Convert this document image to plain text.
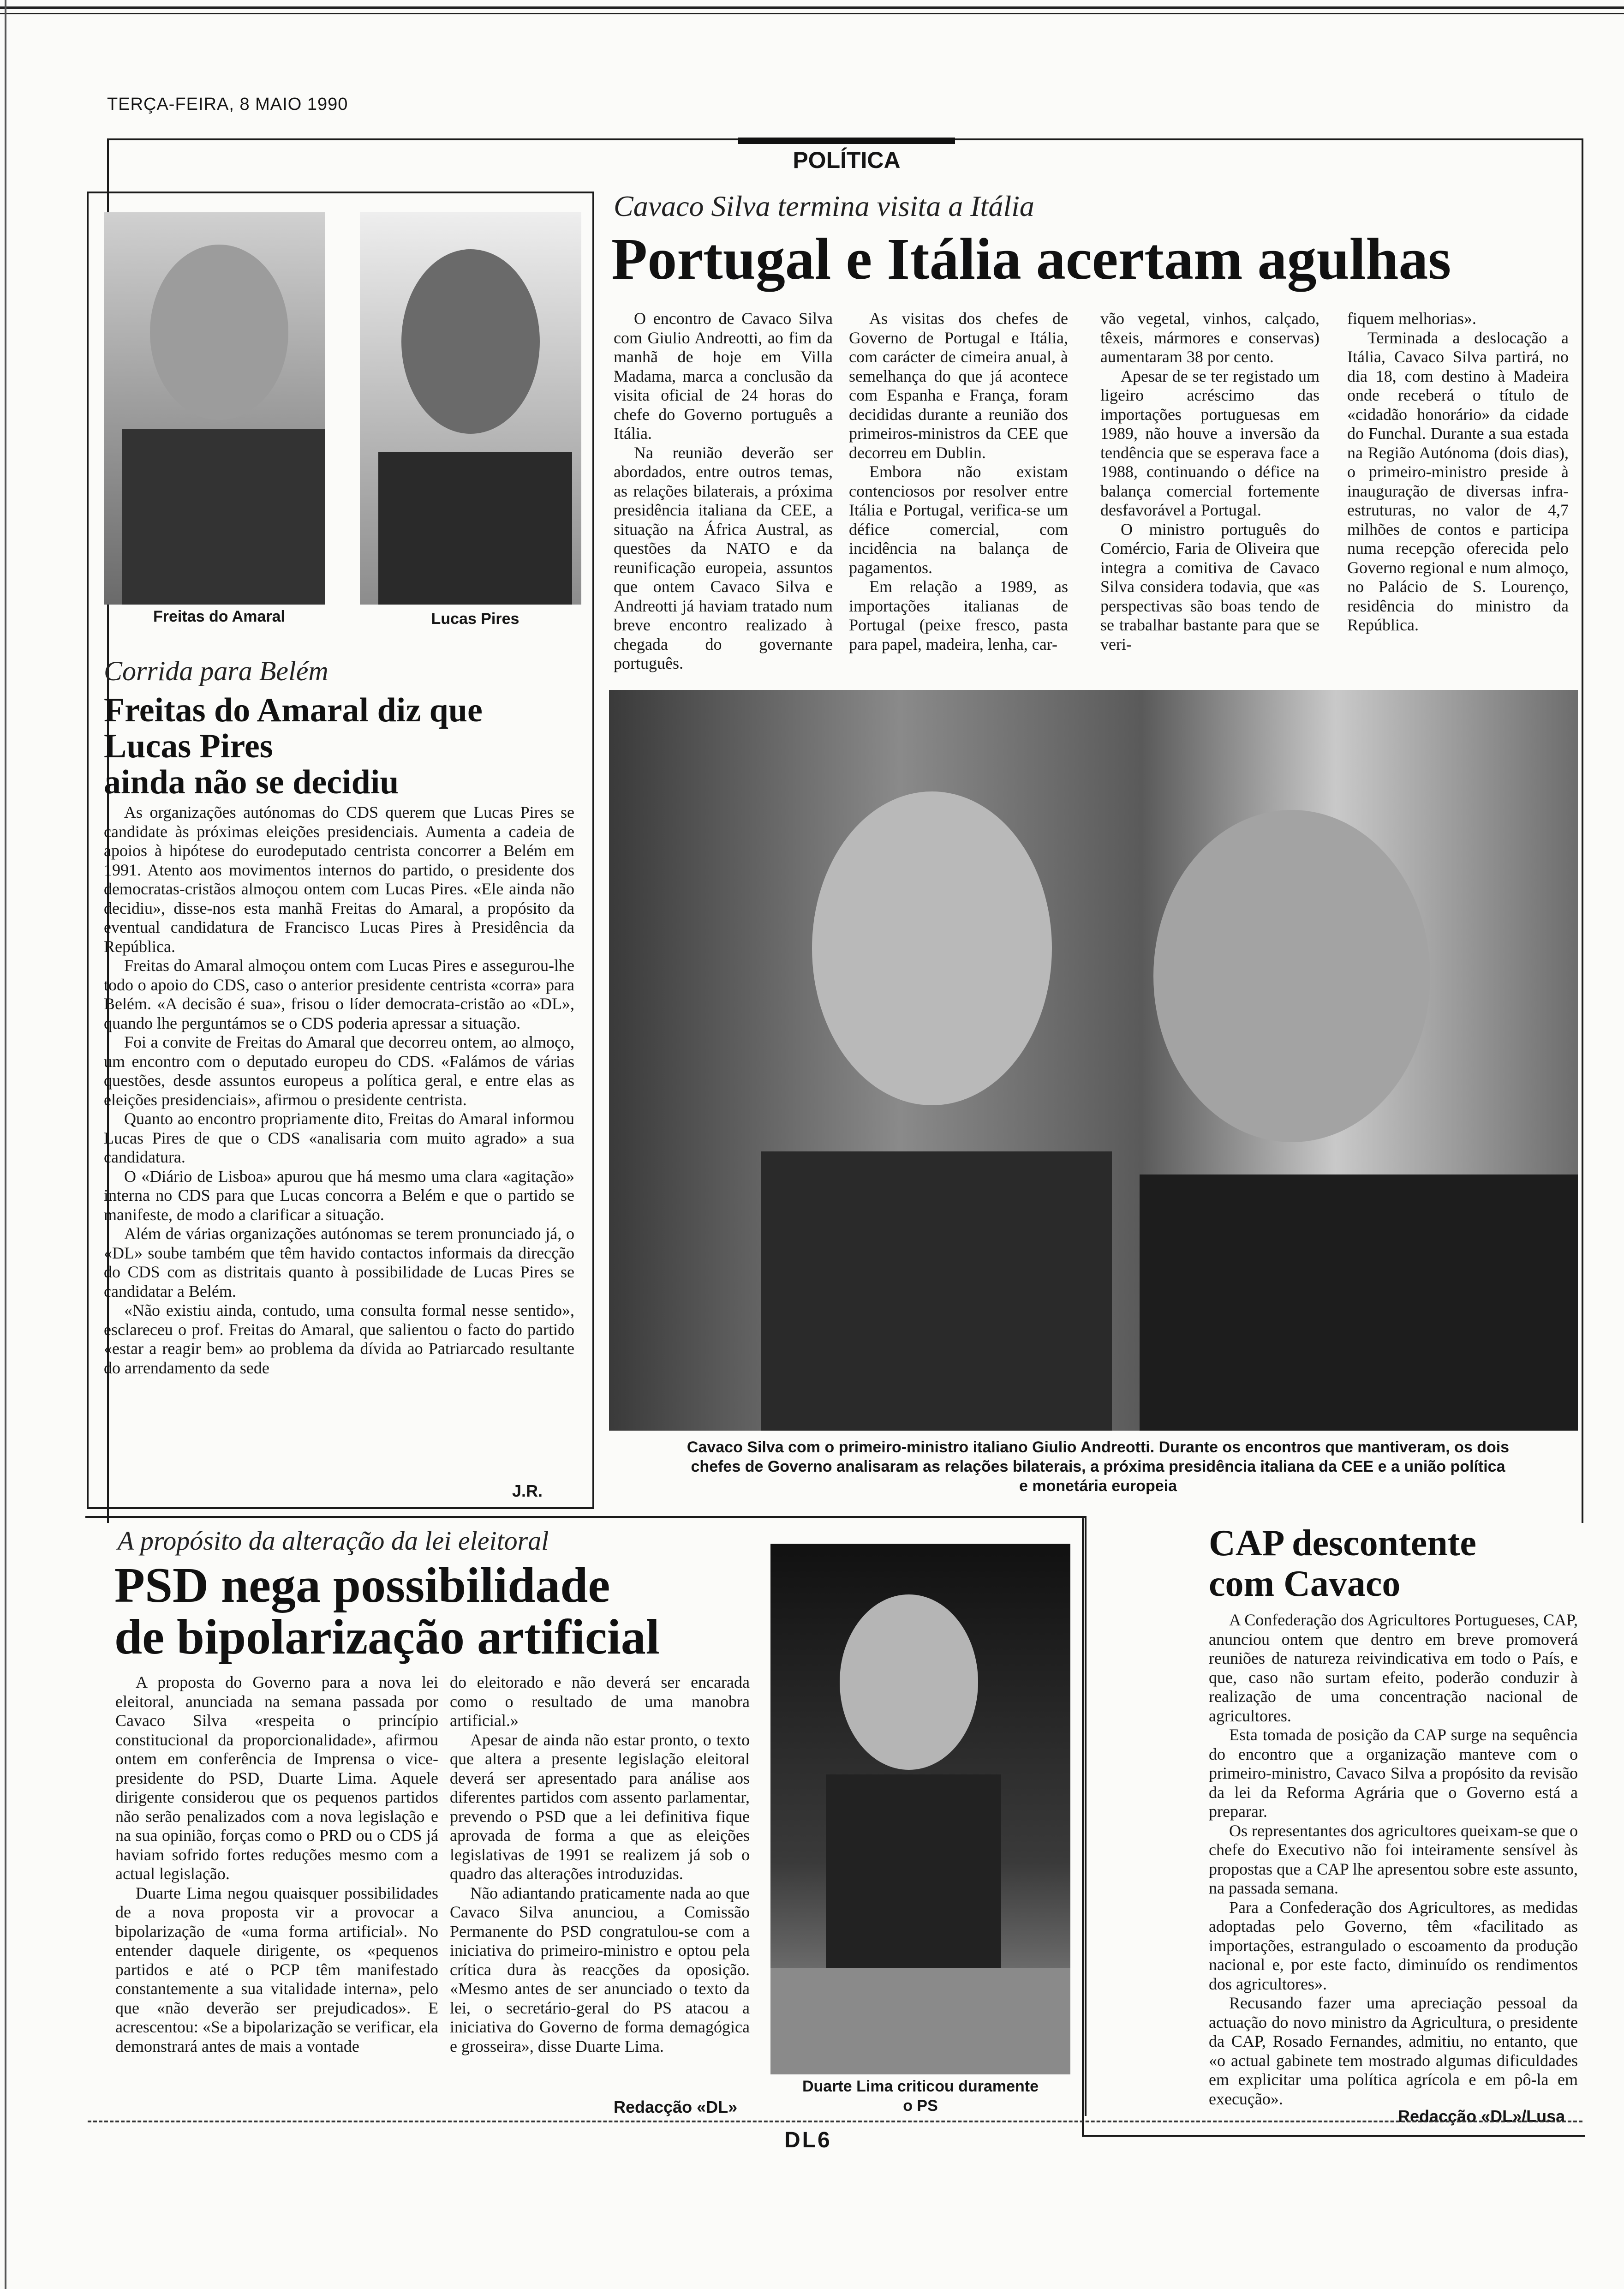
TERÇA-FEIRA, 8 MAIO 1990
POLÍTICA
Cavaco Silva termina visita a Itália
Portugal e Itália acertam agulhas

O encontro de Cavaco Silva com Giulio Andreotti, ao fim da manhã de hoje em Villa Madama, marca a conclusão da visita oficial de 24 horas do chefe do Governo português a Itália.

Na reunião deverão ser abordados, entre outros temas, as relações bilaterais, a próxima presidência italiana da CEE, a situação na África Austral, as questões da NATO e da reunificação europeia, assuntos que ontem Cavaco Silva e Andreotti já haviam tratado num breve encontro realizado à chegada do governante português.

As visitas dos chefes de Governo de Portugal e Itália, com carácter de cimeira anual, à semelhança do que já acontece com Espanha e França, foram decididas durante a reunião dos primeiros-ministros da CEE que decorreu em Dublin.

Embora não existam contenciosos por resolver entre Itália e Portugal, verifica-se um défice comercial, com incidência na balança de pagamentos.

Em relação a 1989, as importações italianas de Portugal (peixe fresco, pasta para papel, madeira, lenha, car-

vão vegetal, vinhos, calçado, têxeis, mármores e conservas) aumentaram 38 por cento.

Apesar de se ter registado um ligeiro acréscimo das importações portuguesas em 1989, não houve a inversão da tendência que se esperava face a 1988, continuando o défice na balança comercial fortemente desfavorável a Portugal.

O ministro português do Comércio, Faria de Oliveira que integra a comitiva de Cavaco Silva considera todavia, que «as perspectivas são boas tendo de se trabalhar bastante para que se veri-

fiquem melhorias».

Terminada a deslocação a Itália, Cavaco Silva partirá, no dia 18, com destino à Madeira onde receberá o título de «cidadão honorário» da cidade do Funchal. Durante a sua estada na Região Autónoma (dois dias), o primeiro-ministro preside à inauguração de diversas infra-estruturas, no valor de 4,7 milhões de contos e participa numa recepção oferecida pelo Governo regional e num almoço, no Palácio de S. Lourenço, residência do ministro da República.

Cavaco Silva com o primeiro-ministro italiano Giulio Andreotti. Durante os encontros que mantiveram, os dois
chefes de Governo analisaram as relações bilaterais, a próxima presidência italiana da CEE e a união política
e monetária europeia
Freitas do Amaral	Lucas Pires
Corrida para Belém
Freitas do Amaral diz que
Lucas Pires
ainda não se decidiu

As organizações autónomas do CDS querem que Lucas Pires se candidate às próximas eleições presidenciais. Aumenta a cadeia de apoios à hipótese do eurodeputado centrista concorrer a Belém em 1991. Atento aos movimentos internos do partido, o presidente dos democratas-cristãos almoçou ontem com Lucas Pires. «Ele ainda não decidiu», disse-nos esta manhã Freitas do Amaral, a propósito da eventual candidatura de Francisco Lucas Pires à Presidência da República.

Freitas do Amaral almoçou ontem com Lucas Pires e assegurou-lhe todo o apoio do CDS, caso o anterior presidente centrista «corra» para Belém. «A decisão é sua», frisou o líder democrata-cristão ao «DL», quando lhe perguntámos se o CDS poderia apressar a situação.

Foi a convite de Freitas do Amaral que decorreu ontem, ao almoço, um encontro com o deputado europeu do CDS. «Falámos de várias questões, desde assuntos europeus a política geral, e entre elas as eleições presidenciais», afirmou o presidente centrista.

Quanto ao encontro propriamente dito, Freitas do Amaral informou Lucas Pires de que o CDS «analisaria com muito agrado» a sua candidatura.

O «Diário de Lisboa» apurou que há mesmo uma clara «agitação» interna no CDS para que Lucas concorra a Belém e que o partido se manifeste, de modo a clarificar a situação.

Além de várias organizações autónomas se terem pronunciado já, o «DL» soube também que têm havido contactos informais da direcção do CDS com as distritais quanto à possibilidade de Lucas Pires se candidatar a Belém.

«Não existiu ainda, contudo, uma consulta formal nesse sentido», esclareceu o prof. Freitas do Amaral, que salientou o facto do partido «estar a reagir bem» ao problema da dívida ao Patriarcado resultante do arrendamento da sede

J.R.
A propósito da alteração da lei eleitoral
PSD nega possibilidade
de bipolarização artificial

A proposta do Governo para a nova lei eleitoral, anunciada na semana passada por Cavaco Silva «respeita o princípio constitucional da proporcionalidade», afirmou ontem em conferência de Imprensa o vice-presidente do PSD, Duarte Lima. Aquele dirigente considerou que os pequenos partidos não serão penalizados com a nova legislação e na sua opinião, forças como o PRD ou o CDS já haviam sofrido fortes reduções mesmo com a actual legislação.

Duarte Lima negou quaisquer possibilidades de a nova proposta vir a provocar a bipolarização de «uma forma artificial». No entender daquele dirigente, os «pequenos partidos e até o PCP têm manifestado constantemente a sua vitalidade interna», pelo que «não deverão ser prejudicados». E acrescentou: «Se a bipolarização se verificar, ela demonstrará antes de mais a vontade

do eleitorado e não deverá ser encarada como o resultado de uma manobra artificial.»

Apesar de ainda não estar pronto, o texto que altera a presente legislação eleitoral deverá ser apresentado para análise aos diferentes partidos com assento parlamentar, prevendo o PSD que a lei definitiva fique aprovada de forma a que as eleições legislativas de 1991 se realizem já sob o quadro das alterações introduzidas.

Não adiantando praticamente nada ao que Cavaco Silva anunciou, a Comissão Permanente do PSD congratulou-se com a iniciativa do primeiro-ministro e optou pela crítica dura às reacções da oposição. «Mesmo antes de ser anunciado o texto da lei, o secretário-geral do PS atacou a iniciativa do Governo de forma demagógica e grosseira», disse Duarte Lima.

Redacção «DL»
Duarte Lima criticou duramente
o PS
CAP descontente
com Cavaco

A Confederação dos Agricultores Portugueses, CAP, anunciou ontem que dentro em breve promoverá reuniões de natureza reivindicativa em todo o País, e que, caso não surtam efeito, poderão conduzir à realização de uma concentração nacional de agricultores.

Esta tomada de posição da CAP surge na sequência do encontro que a organização manteve com o primeiro-ministro, Cavaco Silva a propósito da revisão da lei da Reforma Agrária que o Governo está a preparar.

Os representantes dos agricultores queixam-se que o chefe do Executivo não foi inteiramente sensível às propostas que a CAP lhe apresentou sobre este assunto, na passada semana.

Para a Confederação dos Agricultores, as medidas adoptadas pelo Governo, têm «facilitado as importações, estrangulado o escoamento da produção nacional e, por este facto, diminuído os rendimentos dos agricultores».

Recusando fazer uma apreciação pessoal da actuação do novo ministro da Agricultura, o presidente da CAP, Rosado Fernandes, admitiu, no entanto, que «o actual gabinete tem mostrado algumas dificuldades em explicitar uma política agrícola e em pô-la em execução».

Redacção «DL»/Lusa
DL6
